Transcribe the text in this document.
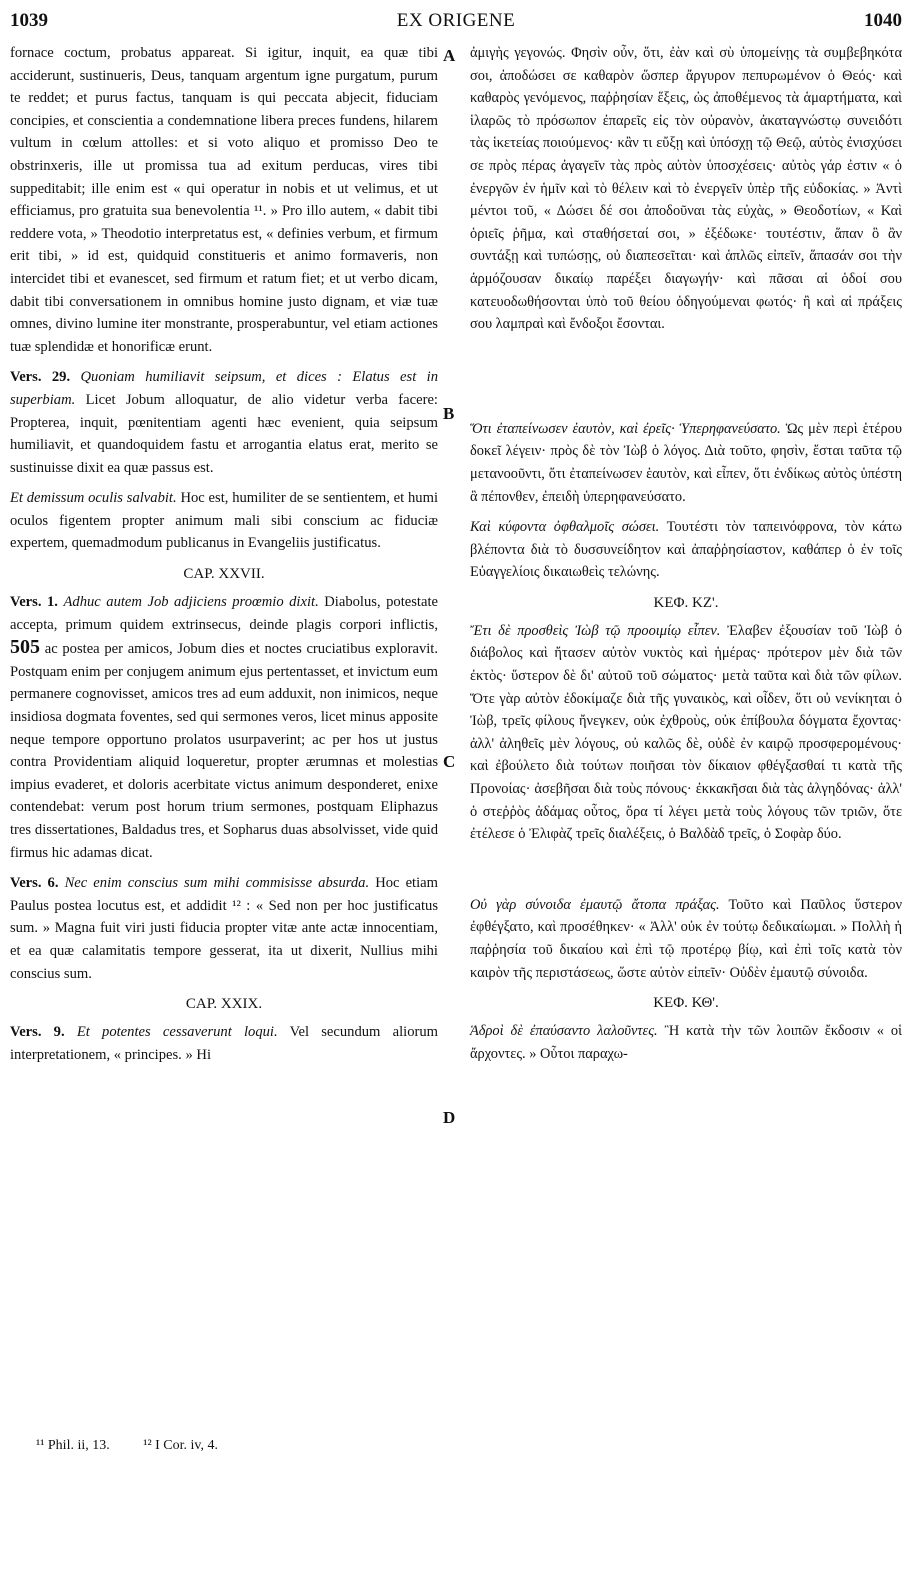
1039	EX ORIGENE	1040
A
B
C
D

fornace coctum, probatus appareat. Si igitur, inquit, ea quæ tibi acciderunt, sustinueris, Deus, tanquam argentum igne purgatum, purum te reddet; et purus factus, tanquam is qui peccata abjecit, fiduciam concipies, et conscientia a condemnatione libera preces fundens, hilarem vultum in cœlum attolles: et si voto aliquo et promisso Deo te obstrinxeris, ille ut promissa tua ad exitum perducas, vires tibi suppeditabit; ille enim est « qui operatur in nobis et ut velimus, et ut efficiamus, pro gratuita sua benevolentia ¹¹. » Pro illo autem, « dabit tibi reddere vota, » Theodotio interpretatus est, « definies verbum, et firmum erit tibi, » id est, quidquid constitueris et animo formaveris, non intercidet tibi et evanescet, sed firmum et ratum fiet; et ut verbo dicam, dabit tibi conversationem in omnibus homine justo dignam, et viæ tuæ omnes, divino lumine iter monstrante, prosperabuntur, vel etiam actiones tuæ splendidæ et honorificæ erunt.

Vers. 29. Quoniam humiliavit seipsum, et dices : Elatus est in superbiam. Licet Jobum alloquatur, de alio videtur verba facere: Propterea, inquit, pœnitentiam agenti hæc evenient, quia seipsum humiliavit, et quandoquidem fastu et arrogantia elatus erat, merito se sustinuisse dixit ea quæ passus est.

Et demissum oculis salvabit. Hoc est, humiliter de se sentientem, et humi oculos figentem propter animum mali sibi conscium ac fiduciæ expertem, quemadmodum publicanus in Evangeliis justificatus.

CAP. XXVII.

Vers. 1. Adhuc autem Job adjiciens proœmio dixit. Diabolus, potestate accepta, primum quidem extrinsecus, deinde plagis corpori inflictis, 505 ac postea per amicos, Jobum dies et noctes cruciatibus exploravit. Postquam enim per conjugem animum ejus pertentasset, et invictum eum permanere cognovisset, amicos tres ad eum adduxit, non inimicos, neque insidiosa dogmata foventes, sed qui sermones veros, licet minus apposite neque tempore opportuno prolatos usurpaverint; ac per hos ut justus contra Providentiam aliquid loqueretur, propter ærumnas et molestias impius evaderet, et doloris acerbitate victus animum desponderet, enixe contendebat: verum post horum trium sermones, postquam Eliphazus tres dissertationes, Baldadus tres, et Sopharus duas absolvisset, vide quid firmus hic adamas dicat.

Vers. 6. Nec enim conscius sum mihi commisisse absurda. Hoc etiam Paulus postea locutus est, et addidit ¹² : « Sed non per hoc justificatus sum. » Magna fuit viri justi fiducia propter vitæ ante actæ innocentiam, et ea quæ calamitatis tempore gesserat, ita ut dixerit, Nullius mihi conscius sum.

CAP. XXIX.

Vers. 9. Et potentes cessaverunt loqui. Vel secundum aliorum interpretationem, « principes. » Hi

ἀμιγὴς γεγονώς. Φησὶν οὖν, ὅτι, ἐὰν καὶ σὺ ὑπομείνῃς τὰ συμβεβηκότα σοι, ἀποδώσει σε καθαρὸν ὥσπερ ἄργυρον πεπυρωμένον ὁ Θεός· καὶ καθαρὸς γενόμενος, παῤῥησίαν ἕξεις, ὡς ἀποθέμενος τὰ ἁμαρτήματα, καὶ ἱλαρῶς τὸ πρόσωπον ἐπαρεῖς εἰς τὸν οὐρανὸν, ἀκαταγνώστῳ συνειδότι τὰς ἱκετείας ποιούμενος· κἂν τι εὔξῃ καὶ ὑπόσχῃ τῷ Θεῷ, αὐτὸς ἐνισχύσει σε πρὸς πέρας ἀγαγεῖν τὰς πρὸς αὐτὸν ὑποσχέσεις· αὐτὸς γάρ ἐστιν « ὁ ἐνεργῶν ἐν ἡμῖν καὶ τὸ θέλειν καὶ τὸ ἐνεργεῖν ὑπὲρ τῆς εὐδοκίας. » Ἀντὶ μέντοι τοῦ, « Δώσει δέ σοι ἀποδοῦναι τὰς εὐχὰς, » Θεοδοτίων, « Καὶ ὁριεῖς ῥῆμα, καὶ σταθήσεταί σοι, » ἐξέδωκε· τουτέστιν, ἅπαν ὃ ἂν συντάξῃ καὶ τυπώσῃς, οὐ διαπεσεῖται· καὶ ἁπλῶς εἰπεῖν, ἅπασάν σοι τὴν ἁρμόζουσαν δικαίῳ παρέξει διαγωγήν· καὶ πᾶσαι αἱ ὁδοί σου κατευοδωθήσονται ὑπὸ τοῦ θείου ὁδηγούμεναι φωτός· ἢ καὶ αἱ πράξεις σου λαμπραὶ καὶ ἔνδοξοι ἔσονται.

Ὅτι ἐταπείνωσεν ἑαυτὸν, καὶ ἐρεῖς· Ὑπερηφανεύσατο. Ὡς μὲν περὶ ἑτέρου δοκεῖ λέγειν· πρὸς δὲ τὸν Ἰὼβ ὁ λόγος. Διὰ τοῦτο, φησὶν, ἔσται ταῦτα τῷ μετανοοῦντι, ὅτι ἐταπείνωσεν ἑαυτὸν, καὶ εἶπεν, ὅτι ἐνδίκως αὐτὸς ὑπέστη ἃ πέπονθεν, ἐπειδὴ ὑπερηφανεύσατο.

Καὶ κύφοντα ὀφθαλμοῖς σώσει. Τουτέστι τὸν ταπεινόφρονα, τὸν κάτω βλέποντα διὰ τὸ δυσσυνείδητον καὶ ἀπαῤῥησίαστον, καθάπερ ὁ ἐν τοῖς Εὐαγγελίοις δικαιωθεὶς τελώνης.

ΚΕΦ. ΚΖ'.

Ἔτι δὲ προσθεὶς Ἰὼβ τῷ προοιμίῳ εἶπεν. Ἐλαβεν ἐξουσίαν τοῦ Ἰὼβ ὁ διάβολος καὶ ἤτασεν αὐτὸν νυκτὸς καὶ ἡμέρας· πρότερον μὲν διὰ τῶν ἐκτὸς· ὕστερον δὲ δι' αὐτοῦ τοῦ σώματος· μετὰ ταῦτα καὶ διὰ τῶν φίλων. Ὅτε γὰρ αὐτὸν ἐδοκίμαζε διὰ τῆς γυναικὸς, καὶ οἶδεν, ὅτι οὐ νενίκηται ὁ Ἰὼβ, τρεῖς φίλους ἤνεγκεν, οὐκ ἐχθροὺς, οὐκ ἐπίβουλα δόγματα ἔχοντας· ἀλλ' ἀληθεῖς μὲν λόγους, οὐ καλῶς δὲ, οὐδὲ ἐν καιρῷ προσφερομένους· καὶ ἐβούλετο διὰ τούτων ποιῆσαι τὸν δίκαιον φθέγξασθαί τι κατὰ τῆς Προνοίας· ἀσεβῆσαι διὰ τοὺς πόνους· ἐκκακῆσαι διὰ τὰς ἀλγηδόνας· ἀλλ' ὁ στεῤῥὸς ἀδάμας οὗτος, ὅρα τί λέγει μετὰ τοὺς λόγους τῶν τριῶν, ὅτε ἐτέλεσε ὁ Ἐλιφὰζ τρεῖς διαλέξεις, ὁ Βαλδὰδ τρεῖς, ὁ Σοφὰρ δύο.

Οὐ γὰρ σύνοιδα ἐμαυτῷ ἄτοπα πράξας. Τοῦτο καὶ Παῦλος ὕστερον ἐφθέγξατο, καὶ προσέθηκεν· « Ἀλλ' οὐκ ἐν τούτῳ δεδικαίωμαι. » Πολλὴ ἡ παῤῥησία τοῦ δικαίου καὶ ἐπὶ τῷ προτέρῳ βίῳ, καὶ ἐπὶ τοῖς κατὰ τὸν καιρὸν τῆς περιστάσεως, ὥστε αὐτὸν εἰπεῖν· Οὐδὲν ἐμαυτῷ σύνοιδα.

ΚΕΦ. ΚΘ'.

Ἁδροὶ δὲ ἐπαύσαντο λαλοῦντες. Ἢ κατὰ τὴν τῶν λοιπῶν ἔκδοσιν « οἱ ἄρχοντες. » Οὗτοι παραχω-

¹¹ Phil. ii, 13. ¹² I Cor. iv, 4.
